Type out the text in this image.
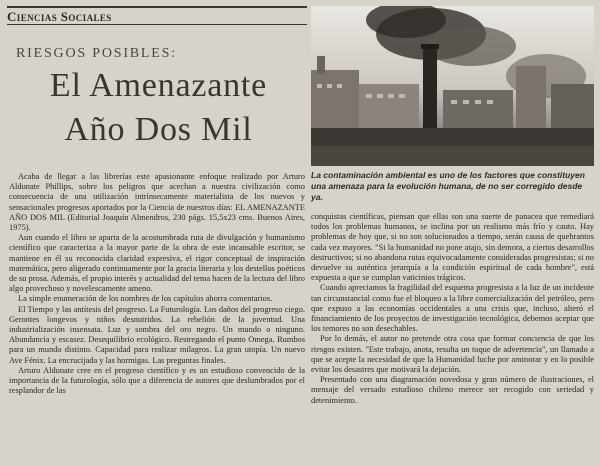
Ciencias Sociales
RIESGOS POSIBLES:
El Amenazante
Año Dos Mil
La contaminación ambiental es uno de los factores que constituyen una amenaza para la evolución humana, de no ser corregido desde ya.

Acaba de llegar a las librerías este apasionante enfoque realizado por Arturo Aldunate Phillips, sobre los peligros que acechan a nuestra civilización como consecuencia de una utilización intrínsecamente materialista de los nuevos y sensacionales progresos aportados por la Ciencia de nuestros días: EL AMENAZANTE AÑO DOS MIL (Editorial Joaquín Almendros, 230 págs. 15,5x23 cms. Buenos Aires, 1975).

Aun cuando el libro se aparta de la acostumbrada ruta de divulgación y humanismo científico que caracteriza a la mayor parte de la obra de este incansable escritor, se mantiene en él su reconocida claridad expresiva, el rigor conceptual de inspiración matemática, pero aligerado continuamente por la gracia literaria y los destellos poéticos de su prosa. Además, el propio interés y actualidad del tema hacen de la lectura del libro algo provechoso y novelescamente ameno.

La simple enumeración de los nombres de los capítulos ahorra comentarios.

El Tiempo y las antítesis del progreso. La Futurología. Los daños del progreso ciego. Gerontes longevos y niños desnutridos. La rebelión de la juventud. Una industrialización insensata. Luz y sombra del oro negro. Un mundo o ninguno. Abundancia y escasez. Desequilibrio ecológico. Restregando el punto Omega. Rumbos para un mundo distinto. Capacidad para realizar milagros. La gran utopía. Un nuevo Ave Fénix. La encrucijada y las hormigas. Las preguntas finales.

Arturo Aldunate cree en el progreso científico y es un estudioso convencido de la importancia de la futurología, sólo que a diferencia de autores que deslumbrados por el resplandor de las

conquistas científicas, piensan que ellas son una suerte de panacea que remediará todos los problemas humanos, se inclina por un realismo más frío y cauto. Hay problemas de hoy que, si no son solucionados a tiempo, serán causa de quebrantos cada vez mayores. "Si la humanidad no pone atajo, sin demora, a ciertos desarrollos destructivos; si no abandona rutas equivocadamente consideradas progresistas; si no devuelve su auténtica jerarquía a la condición espiritual de cada hombre", está expuesta a que se cumplan vaticinios trágicos.

Cuando apreciamos la fragilidad del esquema progresista a la luz de un incidente tan circunstancial como fue el bloqueo a la libre comercialización del petróleo, pero que expuso a las economías occidentales a una crisis que, incluso, alteró el financiamiento de los proyectos de investigación tecnológica, debemos aceptar que los temores no son desechables.

Por lo demás, el autor no pretende otra cosa que formar conciencia de que los riesgos existen. "Este trabajo, anota, resulta un toque de advertencia", un llamado a que se acepte la necesidad de que la Humanidad luche por aminorar y en lo posible evitar los desastres que motivará la dejación.

Presentado con una diagramación novedosa y gran número de ilustraciones, el mensaje del versado estudioso chileno merece ser recogido con seriedad y detenimiento.
